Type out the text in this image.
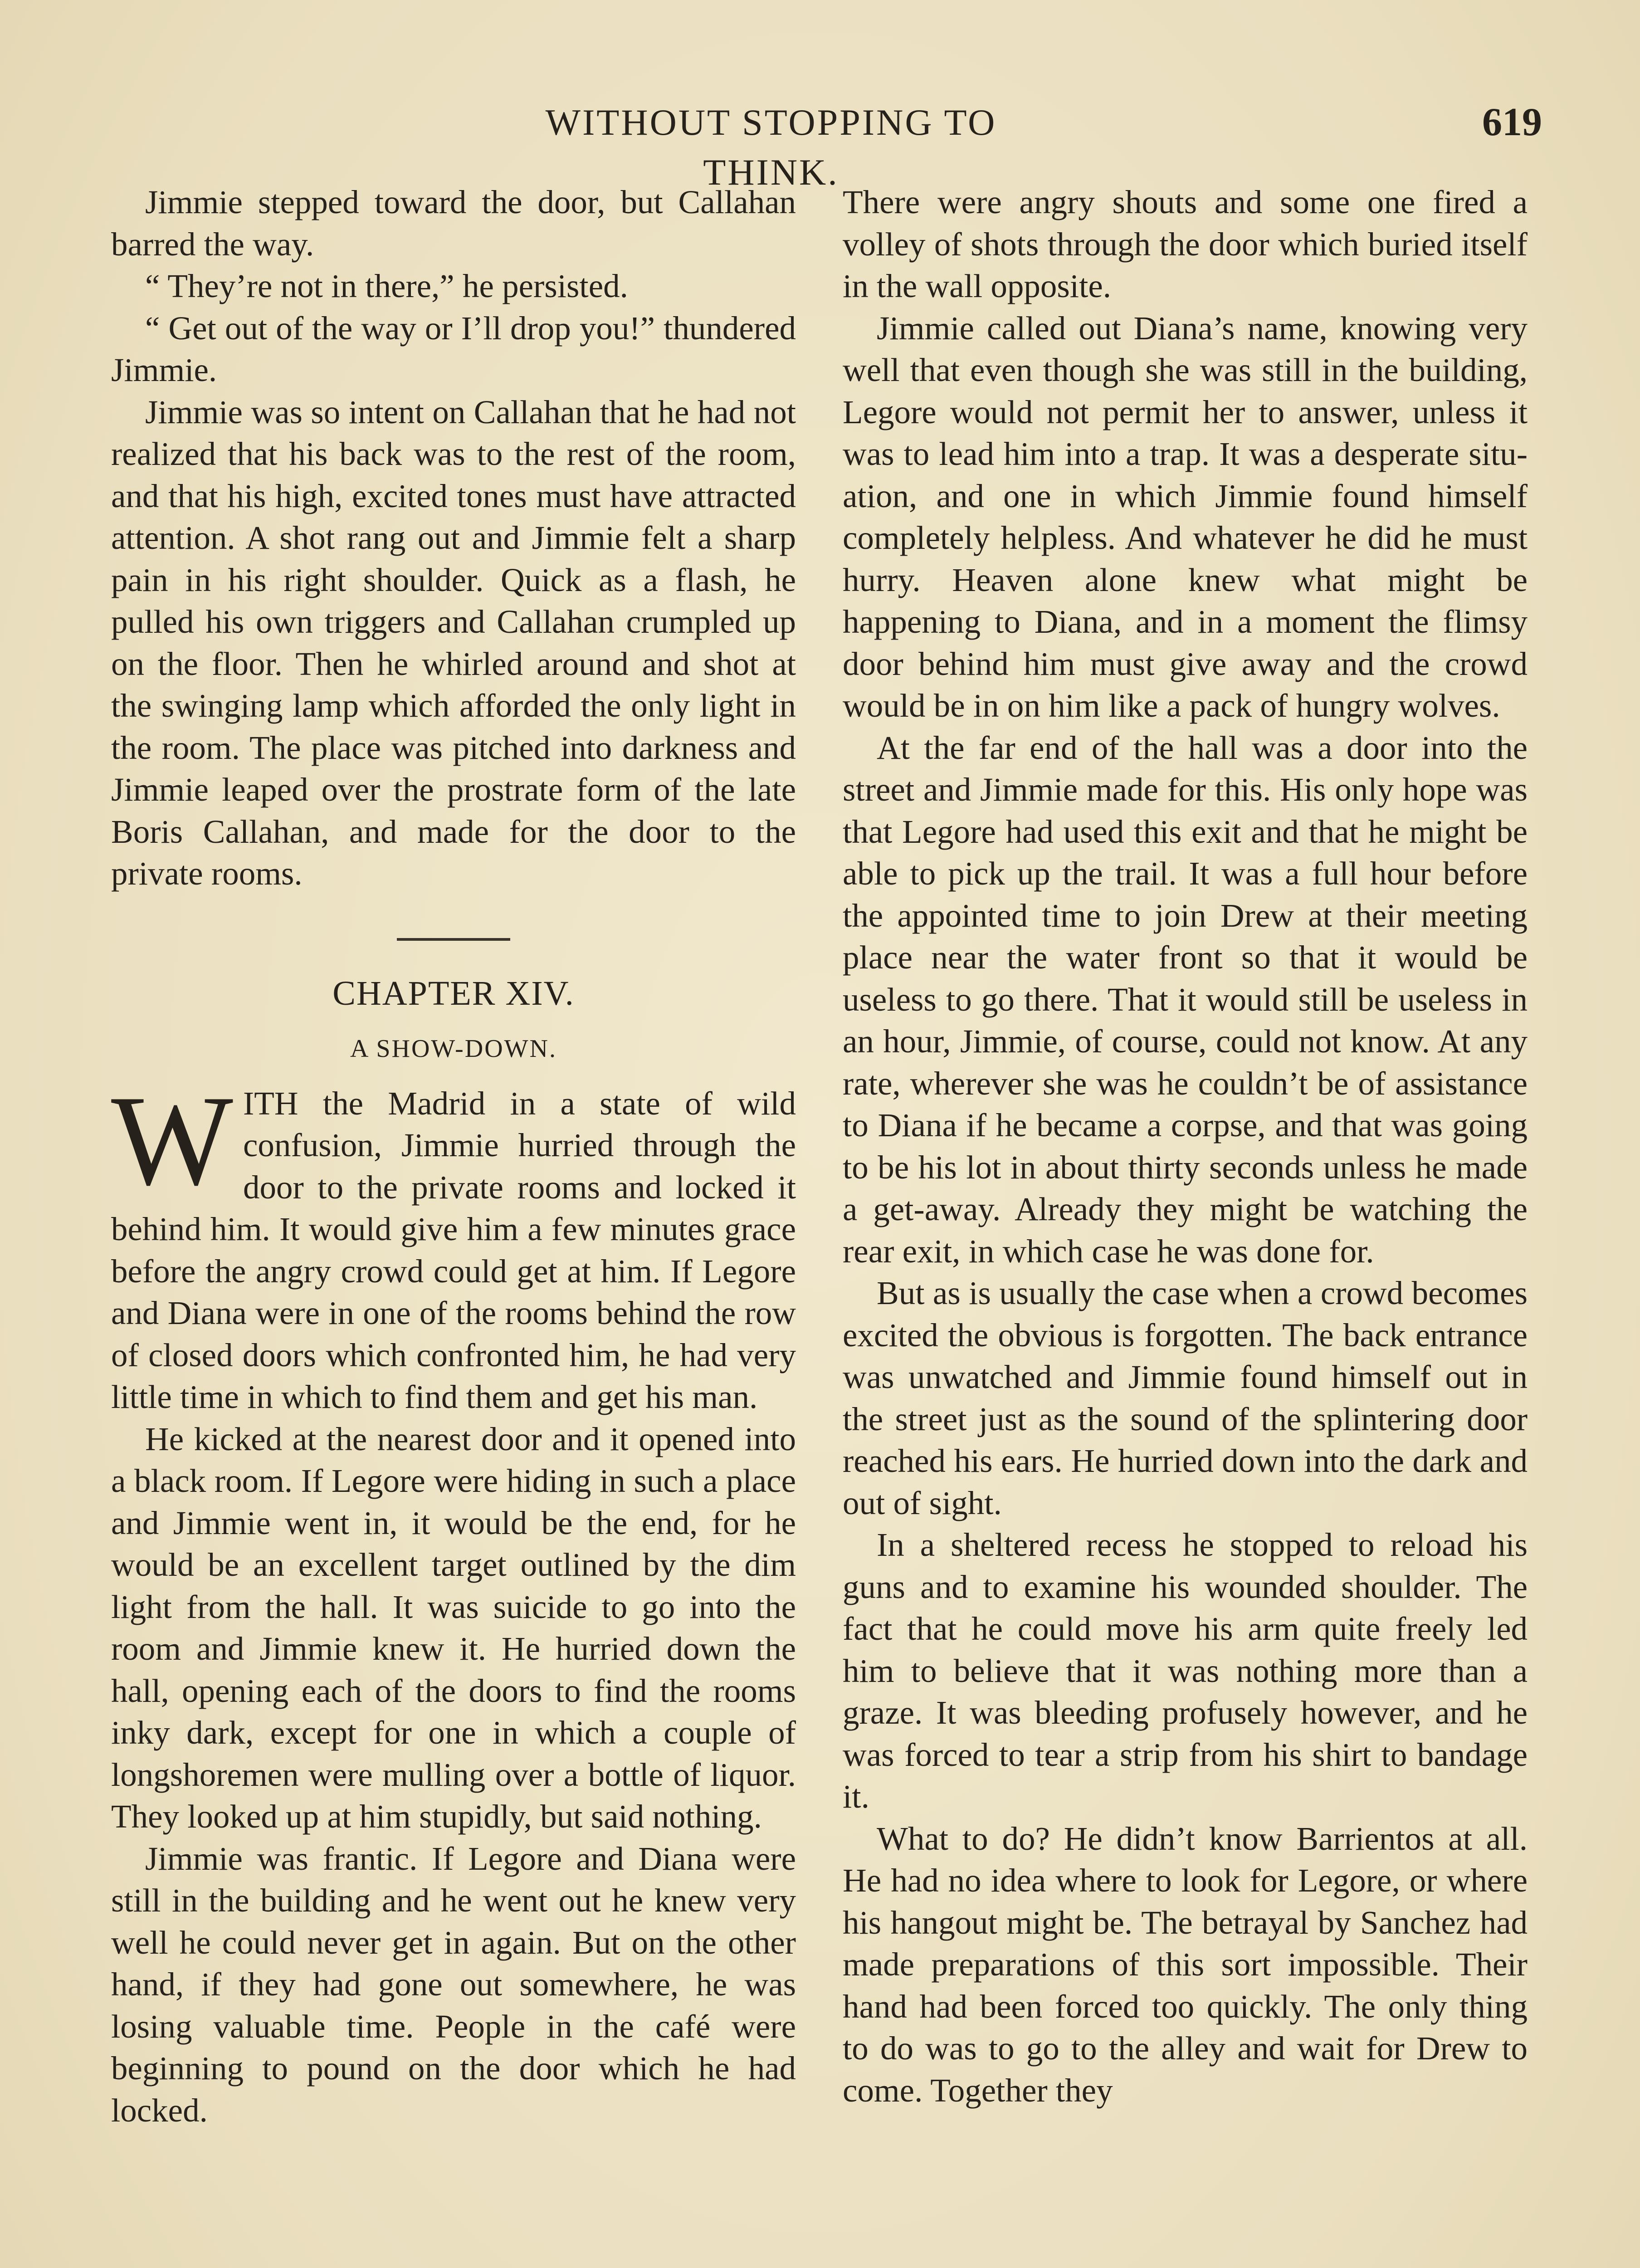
WITHOUT STOPPING TO THINK.
619

Jimmie stepped toward the door, but Callahan barred the way.

“ They’re not in there,” he persisted.

“ Get out of the way or I’ll drop you!” thundered Jimmie.

Jimmie was so intent on Callahan that he had not realized that his back was to the rest of the room, and that his high, excited tones must have attracted attention. A shot rang out and Jimmie felt a sharp pain in his right shoulder. Quick as a flash, he pulled his own triggers and Callahan crumpled up on the floor. Then he whirled around and shot at the swinging lamp which afforded the only light in the room. The place was pitched into darkness and Jimmie leaped over the prostrate form of the late Boris Callahan, and made for the door to the private rooms.

CHAPTER XIV.

A SHOW-DOWN.

WITH the Madrid in a state of wild confusion, Jimmie hurried through the door to the private rooms and locked it behind him. It would give him a few minutes grace before the angry crowd could get at him. If Legore and Diana were in one of the rooms behind the row of closed doors which confronted him, he had very little time in which to find them and get his man.

He kicked at the nearest door and it opened into a black room. If Legore were hiding in such a place and Jimmie went in, it would be the end, for he would be an excellent target outlined by the dim light from the hall. It was suicide to go into the room and Jimmie knew it. He hurried down the hall, opening each of the doors to find the rooms inky dark, except for one in which a couple of longshoremen were mulling over a bottle of liquor. They looked up at him stupidly, but said nothing.

Jimmie was frantic. If Legore and Diana were still in the building and he went out he knew very well he could never get in again. But on the other hand, if they had gone out somewhere, he was losing valuable time. People in the café were beginning to pound on the door which he had locked.

There were angry shouts and some one fired a volley of shots through the door which buried itself in the wall opposite.

Jimmie called out Diana’s name, knowing very well that even though she was still in the building, Legore would not permit her to answer, unless it was to lead him into a trap. It was a desperate situation, and one in which Jimmie found himself completely helpless. And whatever he did he must hurry. Heaven alone knew what might be happening to Diana, and in a moment the flimsy door behind him must give away and the crowd would be in on him like a pack of hungry wolves.

At the far end of the hall was a door into the street and Jimmie made for this. His only hope was that Legore had used this exit and that he might be able to pick up the trail. It was a full hour before the appointed time to join Drew at their meeting place near the water front so that it would be useless to go there. That it would still be useless in an hour, Jimmie, of course, could not know. At any rate, wherever she was he couldn’t be of assistance to Diana if he became a corpse, and that was going to be his lot in about thirty seconds unless he made a get-away. Already they might be watching the rear exit, in which case he was done for.

But as is usually the case when a crowd becomes excited the obvious is forgotten. The back entrance was unwatched and Jimmie found himself out in the street just as the sound of the splintering door reached his ears. He hurried down into the dark and out of sight.

In a sheltered recess he stopped to reload his guns and to examine his wounded shoulder. The fact that he could move his arm quite freely led him to believe that it was nothing more than a graze. It was bleeding profusely however, and he was forced to tear a strip from his shirt to bandage it.

What to do? He didn’t know Barrientos at all. He had no idea where to look for Legore, or where his hangout might be. The betrayal by Sanchez had made preparations of this sort impossible. Their hand had been forced too quickly. The only thing to do was to go to the alley and wait for Drew to come. Together they
